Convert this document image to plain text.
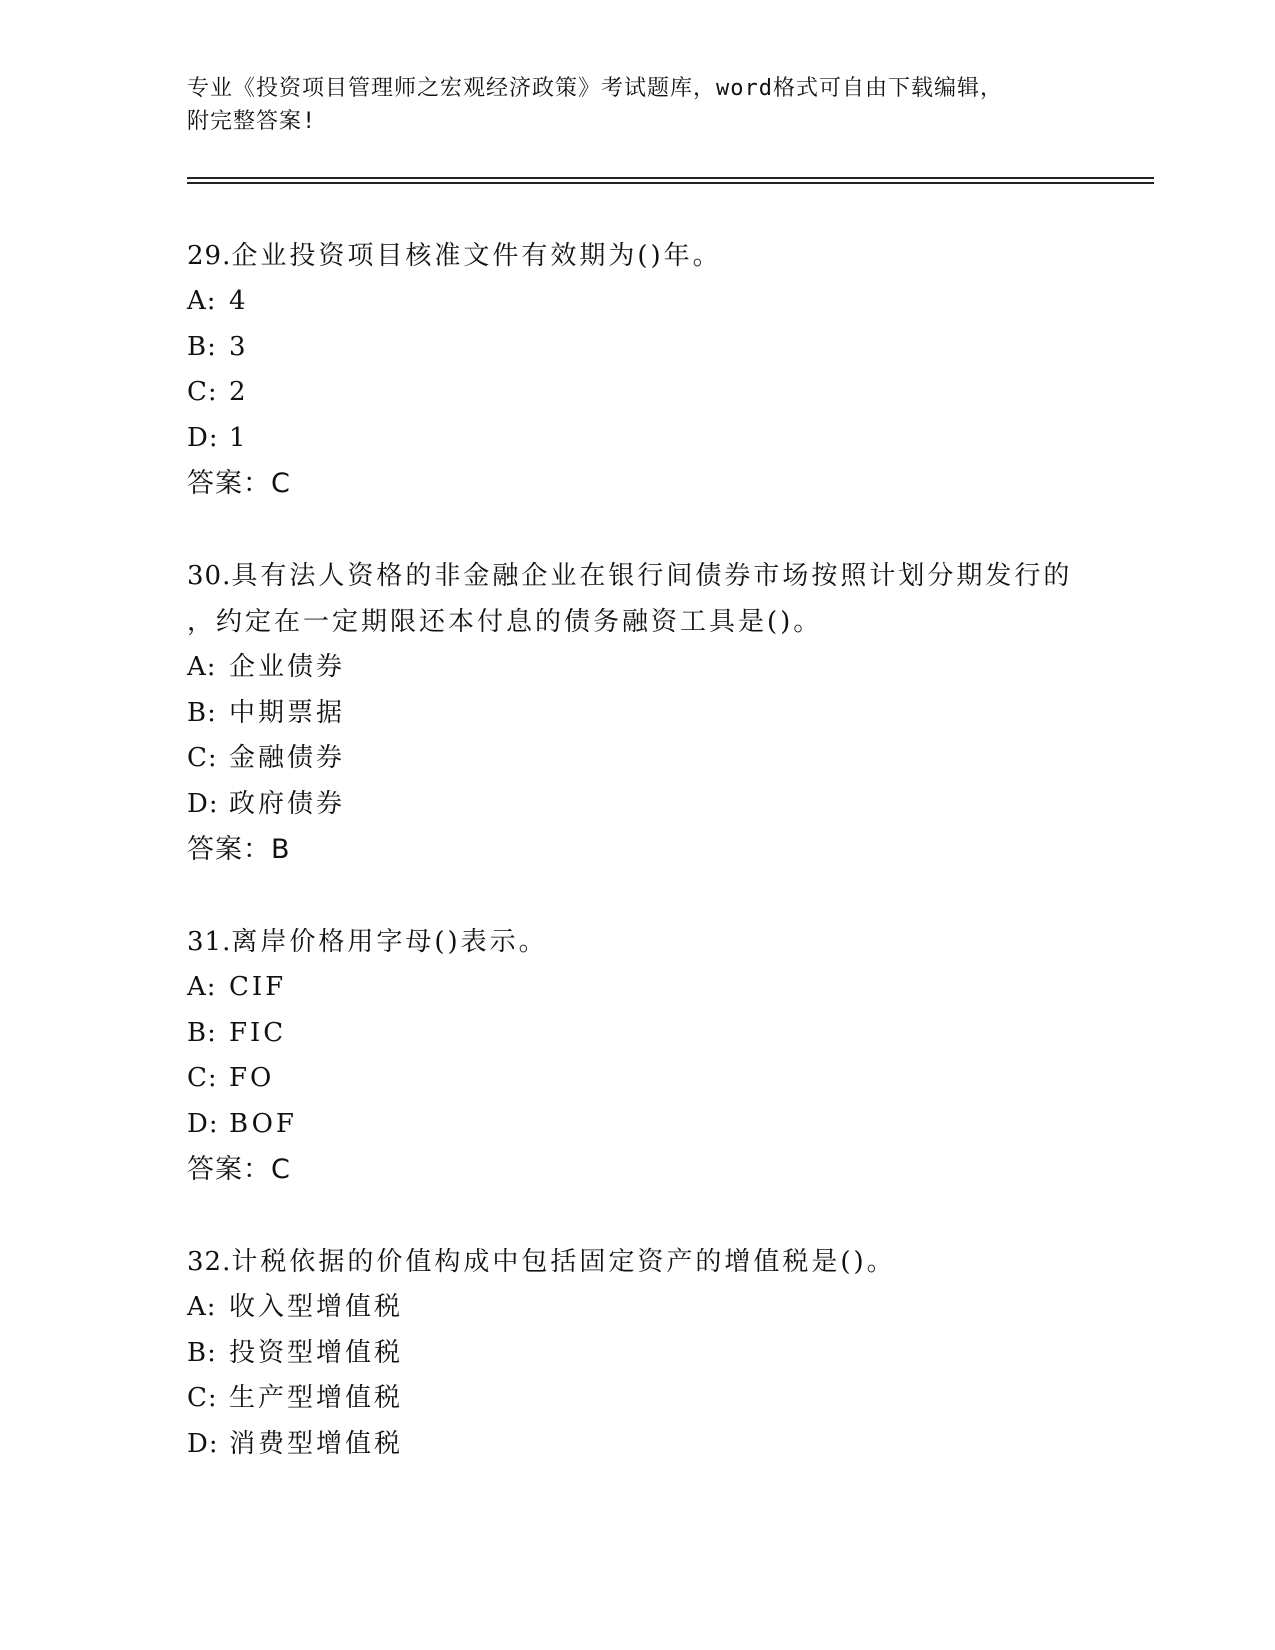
专业《投资项目管理师之宏观经济政策》考试题库，word格式可自由下载编辑，
附完整答案!

29.企业投资项目核准文件有效期为()年。

A: 4

B: 3

C: 2

D: 1

答案：C

30.具有法人资格的非金融企业在银行间债券市场按照计划分期发行的

，约定在一定期限还本付息的债务融资工具是()。

A: 企业债券

B: 中期票据

C: 金融债券

D: 政府债券

答案：B

31.离岸价格用字母()表示。

A: CIF

B: FIC

C: FO

D: BOF

答案：C

32.计税依据的价值构成中包括固定资产的增值税是()。

A: 收入型增值税

B: 投资型增值税

C: 生产型增值税

D: 消费型增值税
